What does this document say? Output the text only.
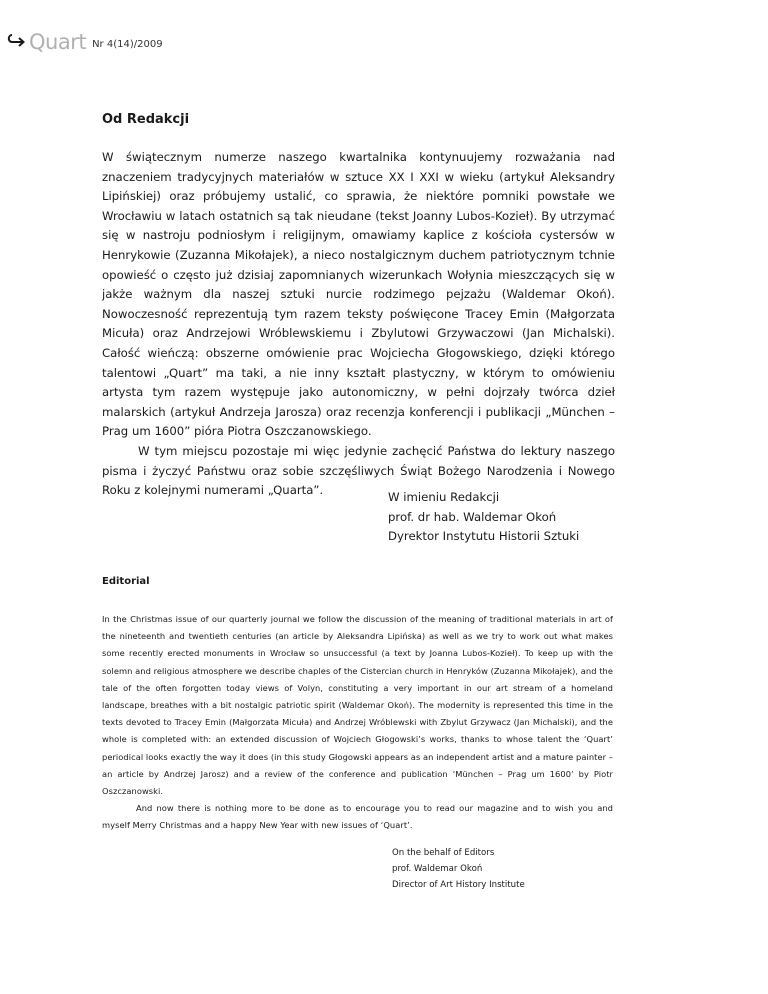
Quart Nr 4(14)/2009
Od Redakcji

W świątecznym numerze naszego kwartalnika kontynuujemy rozważania nad znaczeniem tradycyjnych materiałów w sztuce XX I XXI w wieku (artykuł Aleksandry Lipińskiej) oraz próbujemy ustalić, co sprawia, że niektóre pomniki powstałe we Wrocławiu w latach ostatnich są tak nieudane (tekst Joanny Lubos-Kozieł). By utrzymać się w nastroju podniosłym i religijnym, omawiamy kaplice z kościoła cystersów w Henrykowie (Zuzanna Mikołajek), a nieco nostalgicznym duchem patriotycznym tchnie opowieść o często już dzisiaj zapomnianych wizerunkach Wołynia mieszczących się w jakże ważnym dla naszej sztuki nurcie rodzimego pejzażu (Waldemar Okoń). Nowoczesność reprezentują tym razem teksty poświęcone Tracey Emin (Małgorzata Micuła) oraz Andrzejowi Wróblewskiemu i Zbylutowi Grzywaczowi (Jan Michalski). Całość wieńczą: obszerne omówienie prac Wojciecha Głogowskiego, dzięki którego talentowi „Quart” ma taki, a nie inny kształt plastyczny, w którym to omówieniu artysta tym razem występuje jako autonomiczny, w pełni dojrzały twórca dzieł malarskich (artykuł Andrzeja Jarosza) oraz recenzja konferencji i publikacji „München – Prag um 1600” pióra Piotra Oszczanowskiego.

W tym miejscu pozostaje mi więc jedynie zachęcić Państwa do lektury naszego pisma i życzyć Państwu oraz sobie szczęśliwych Świąt Bożego Narodzenia i Nowego Roku z kolejnymi numerami „Quarta”.	W imieniu Redakcji
prof. dr hab. Waldemar Okoń
Dyrektor Instytutu Historii Sztuki
Editorial

In the Christmas issue of our quarterly journal we follow the discussion of the meaning of traditional materials in art of the nineteenth and twentieth centuries (an article by Aleksandra Lipińska) as well as we try to work out what makes some recently erected monuments in Wrocław so unsuccessful (a text by Joanna Lubos-Kozieł). To keep up with the solemn and religious atmosphere we describe chaples of the Cistercian church in Henryków (Zuzanna Mikołajek), and the tale of the often forgotten today views of Volyn, constituting a very important in our art stream of a homeland landscape, breathes with a bit nostalgic patriotic spirit (Waldemar Okoń). The modernity is represented this time in the texts devoted to Tracey Emin (Małgorzata Micuła) and Andrzej Wróblewski with Zbylut Grzywacz (Jan Michalski), and the whole is completed with: an extended discussion of Wojciech Głogowski’s works, thanks to whose talent the ‘Quart’ periodical looks exactly the way it does (in this study Głogowski appears as an independent artist and a mature painter – an article by Andrzej Jarosz) and a review of the conference and publication ‘München – Prag um 1600’ by Piotr Oszczanowski.

And now there is nothing more to be done as to encourage you to read our magazine and to wish you and myself Merry Christmas and a happy New Year with new issues of ‘Quart’.

On the behalf of Editors
prof. Waldemar Okoń
Director of Art History Institute
